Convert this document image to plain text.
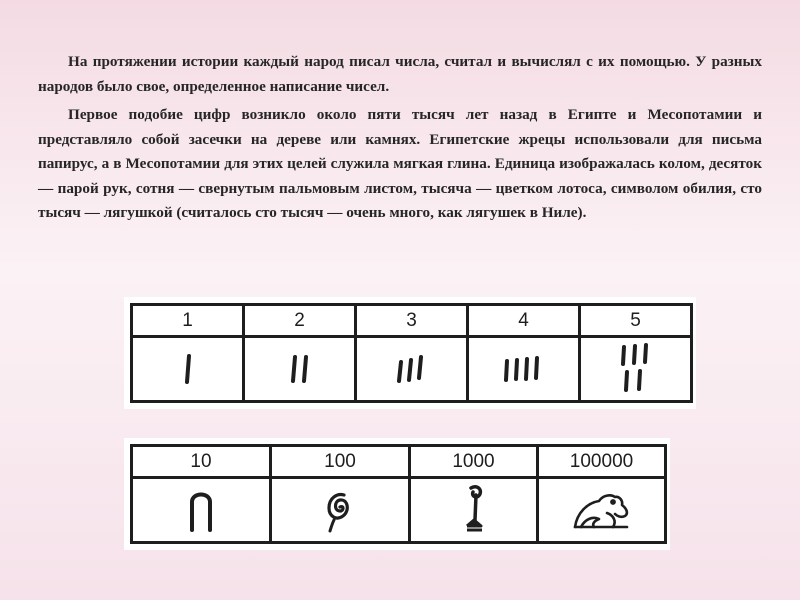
На протяжении истории каждый народ писал числа, считал и вычислял с их помощью. У разных народов было свое, определенное написание чисел.

Первое подобие цифр возникло около пяти тысяч лет назад в Египте и Месопотамии и представляло собой засечки на дереве или камнях. Египетские жрецы использовали для письма папирус, а в Месопотамии для этих целей служила мягкая глина. Единица изображалась колом, десяток — парой рук, сотня — свернутым пальмовым листом, тысяча — цветком лотоса, символом обилия, сто тысяч — лягушкой (считалось сто тысяч — очень много, как лягушек в Ниле).

1	2	3	4	5

10	100	1000	100000
